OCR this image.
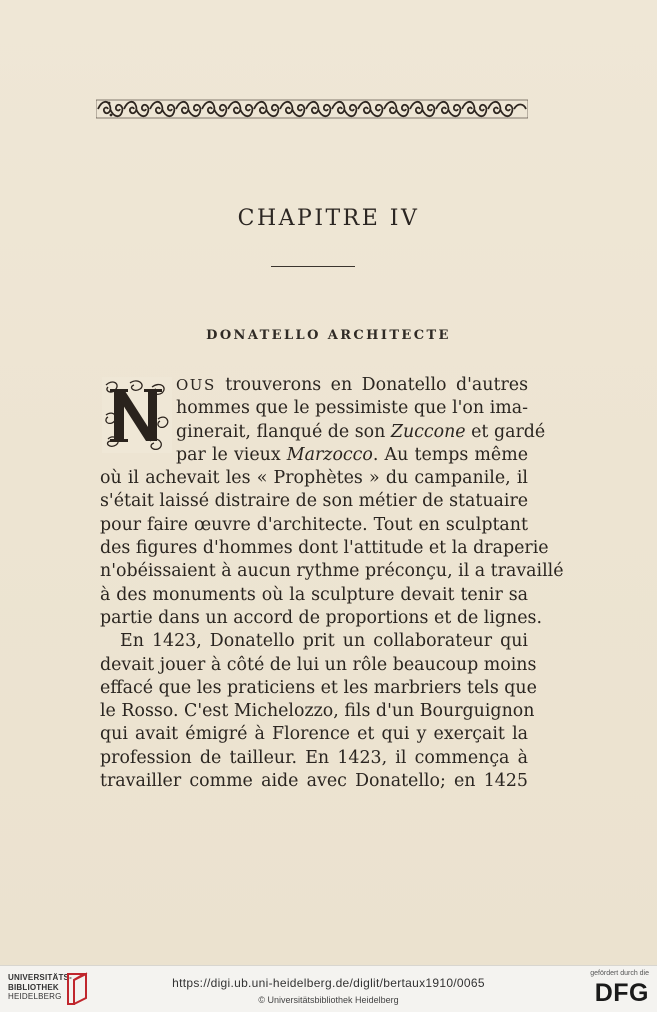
CHAPITRE IV
DONATELLO ARCHITECTE
OUS trouverons en Donatello d'autres
hommes que le pessimiste que l'on ima-
ginerait, flanqué de son Zuccone et gardé
par le vieux Marzocco. Au temps même
où il achevait les « Prophètes » du campanile, il
s'était laissé distraire de son métier de statuaire
pour faire œuvre d'architecte. Tout en sculptant
des figures d'hommes dont l'attitude et la draperie
n'obéissaient à aucun rythme préconçu, il a travaillé
à des monuments où la sculpture devait tenir sa
partie dans un accord de proportions et de lignes.
En 1423, Donatello prit un collaborateur qui
devait jouer à côté de lui un rôle beaucoup moins
effacé que les praticiens et les marbriers tels que
le Rosso. C'est Michelozzo, fils d'un Bourguignon
qui avait émigré à Florence et qui y exerçait la
profession de tailleur. En 1423, il commença à
travailler comme aide avec Donatello; en 1425
UNIVERSITÄTS-
BIBLIOTHEK
HEIDELBERG
https://digi.ub.uni-heidelberg.de/diglit/bertaux1910/0065
© Universitätsbibliothek Heidelberg
gefördert durch die
DFG
